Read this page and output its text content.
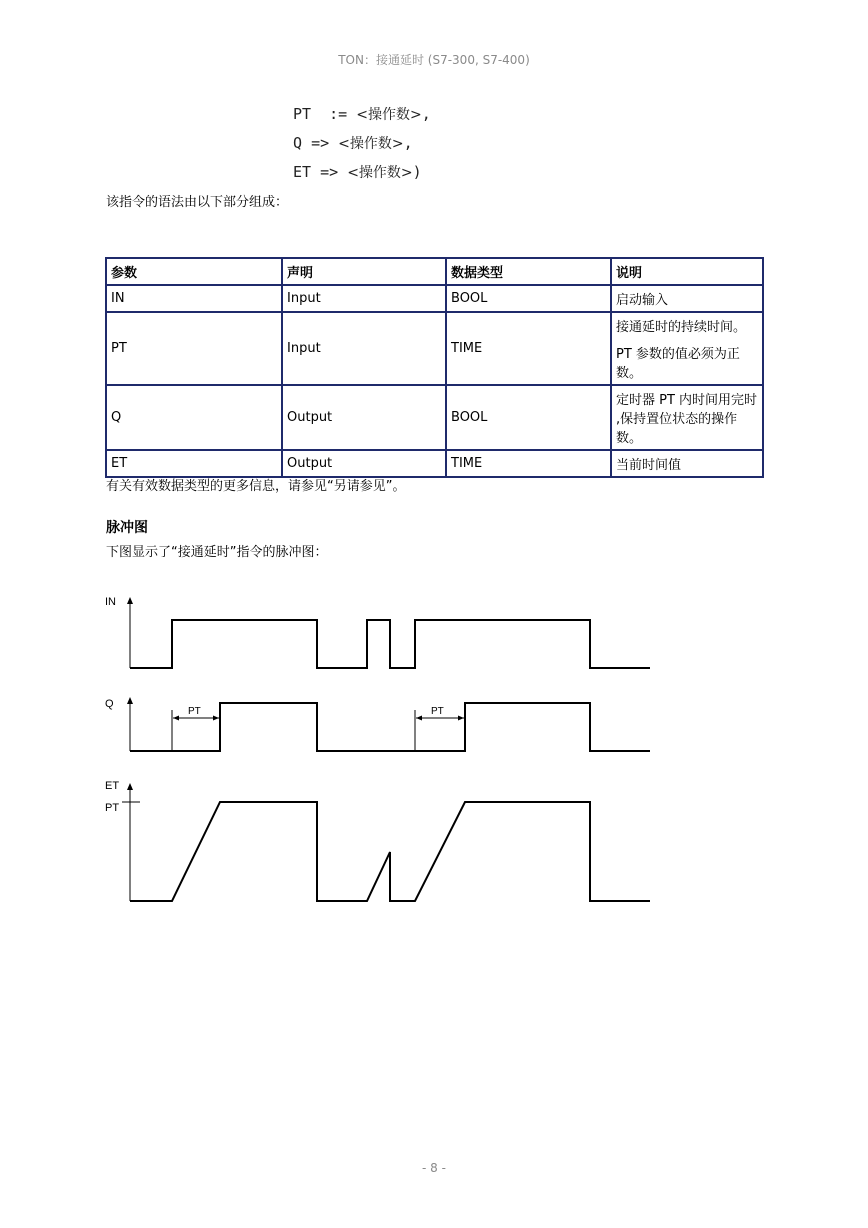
TON：接通延时 (S7-300, S7-400)
PT := <操作数>,
Q => <操作数>,
ET => <操作数>)
该指令的语法由以下部分组成：
参数	声明	数据类型	说明
IN	Input	BOOL	启动输入
PT	Input	TIME	接通延时的持续时间。

PT 参数的值必须为正数。

Q	Output	BOOL	定时器 PT 内时间用完时 ,保持置位状态的操作数。
ET	Output	TIME	当前时间值
有关有效数据类型的更多信息，请参见“另请参见”。
脉冲图
下图显示了“接通延时”指令的脉冲图：
IN
Q
ET
PT
PT	PT
- 8 -
